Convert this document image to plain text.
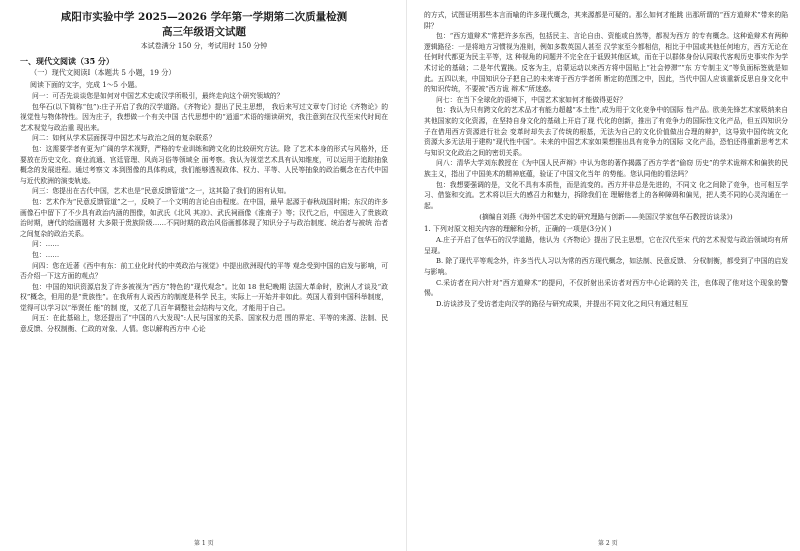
咸阳市实验中学 2025—2026 学年第一学期第二次质量检测
高三年级语文试题
本试卷满分 150 分，考试用时 150 分钟
一、现代文阅读（35 分）
（一）现代文阅读Ⅰ（本题共 5 小题，19 分）
阅读下面的文字，完成 1～5 小题。

问一：可否先谈谈您是如何对中国艺术史或汉学所吸引，最终走向这个研究领域的？

包华石(以下简称“包”):庄子开启了我的汉学道路。《齐物论》提出了民主思想， 我后来写过文章专门讨论《齐物论》的视觉性与物体特性。因为庄子，我想做一个有关中国 古代思想中的“逍遥”术语的细读研究，我注意到在汉代至宋代时间在艺术视觉与政治重 现出来。

问二：如何从学术层面探寻中国艺术与政治之间的复杂联系？

包：这需要学者有更为广阔的学术视野，严格的专业训练和跨文化的比较研究方法。除 了艺术本身的形式与风格外，还要放在历史文化、商业流通、宫廷管理、风尚习俗等领域全 面考察。我认为视觉艺术具有认知维度，可以运用于追踪抽象概念的发展进程。通过考察文 本到图像的具体构成，我们能够透视政体、权力、平等、人民等抽象的政治概念在古代中国 与近代欧洲的演变轨迹。

问三：您提出在古代中国，艺术也是“民意反馈管道”之一，这其隐了我们的困有认知。

包：艺术作为“民意反馈管道”之一，反映了一个文明的言论自由程度。在中国，最早 起源于春秋战国时期；东汉的许多画像石中留下了不少具有政治内涵的图像，如武氏《北风 其凉》、武氏祠画像《淮南子》等；汉代之后，中国进入了贵族政治时期，唐代的绘画题材 大多限于贵族阶级……不同时期的政治风俗画都体现了知识分子与政治制度、统治者与被统 治者之间复杂的政治关系。

问：……

包：……

问四：您在近著《西中有东：前工业化时代的中英政治与视觉》中提出欧洲现代的平等 观念受到中国的启发与影响，可否介绍一下这方面的观点？

包：中国的知识资源启发了许多被视为“西方”特色的“现代观念”。比如 18 世纪晚期 法国大革命时，欧洲人才谈及“政权”概念，但用的是“贵族性”。在我所有人说西方的制度是科学 民主，实际上一开始并非如此。英国人看到中国科举制度，觉得可以学习以“举贤任 能”的制 度，又花了几百年调整社会结构与文化，才能用于自己。

问五：在此基础上，您还提出了“中国的八大发现”:人民与国家的关系、国家权力范 围的界定、平等的来源、法制、民意反馈、分权制衡、仁政的对象、人情。您以解构西方中 心论

的方式，试图证明那些本言而喻的许多现代概念，其来源都是可疑的。那么如何才能跳 出那所谓的“西方道辩术”带来的陷阱？

包：“西方道辩术”常把许多东西，包括民主、言论自由、资能或自然等，都视为西方 的专有概念。这种诡辩术有两种逻辑路径：一是将地方习惯视为准则，例如多数英国人甚至 汉学家至今都相信，相比于中国或其他任何地方，西方无论在任何时代都更为民主平等，这 种视角的问题并不完全在于诋毁其他区域，而在于以群体身份认同取代客观历史事实作为学 术讨论的基础；二是年代置换。反客为主，启蒙运动以来西方将中国贴上“社会停滞”“东 方专制主义”等负面标签就是如此。五四以来，中国知识分子把自己的未来寄于西方学者所 断定的范围之中，因此，当代中国人应该重新反思自身文化中的知识传统，不要被“西方诡 辩术”所迷惑。

问七：在当下全球化的语境下，中国艺术家如何才能做得更好？

包：我认为只有跨文化的艺术品才有能力超越“本土性”,成为用于文化竞争中的国际 性产品。欧美先锋艺术家吸纳来自其他国家的文化资源，在坚持自身文化的基础上开启了现 代化的创新，推出了有竞争力的国际性文化产品，但五四知识分子在借用西方资源进行社会 变革时却失去了传统的根基，无法为自己的文化价值做出合理的辩护，这导致中国传统文化 资源大多无法用于建构“现代性中国”。未来的中国艺术家如果想推出具有竞争力的国际 文化产品，恐怕还得重新思考艺术与知识文化政治之间的密切关系。

问八：清华大学刘东教授在《为中国人民声辩》中认为您的著作揭露了西方学者“偷窃 历史”的学术诡辩术和偏狭的民族主义，指出了中国美术的精神底蕴，验证了中国文化当年 的势能。您认同他的看法吗？

包：我想要强调的是，文化不具有本质性，而是流变的。西方并非总是先进的，不同文 化之间除了竞争，也可相互学习、借鉴和交流。艺术将以巨大的感召力和魅力，拆除我们在 理解他者上的各种障碍和偏见，把人类不同的心灵沟通在一起。

(摘编自刘燕《海外中国艺术史的研究理路与创新——美国汉学家包华石教授访谈录》)
1. 下列对原文相关内容的理解和分析，正确的一项是(3分)( )

A.庄子开启了包华石的汉学道路，他认为《齐物论》提出了民主思想，它在汉代至宋 代的艺术视觉与政治领域均有所呈现。

B. 除了现代平等观念外，许多当代人习以为常的西方现代概念，如法制、民意反馈、 分权制衡，都受到了中国的启发与影响。

C.采访者在问六针对“西方道辩术”的提问，不仅折射出采访者对西方中心论调的关 注，也体现了他对这个现象的警惕。

D.访谈涉及了受访者走向汉学的路径与研究成果，并提出不同文化之间只有通过相互

第 1 页	第 2 页
